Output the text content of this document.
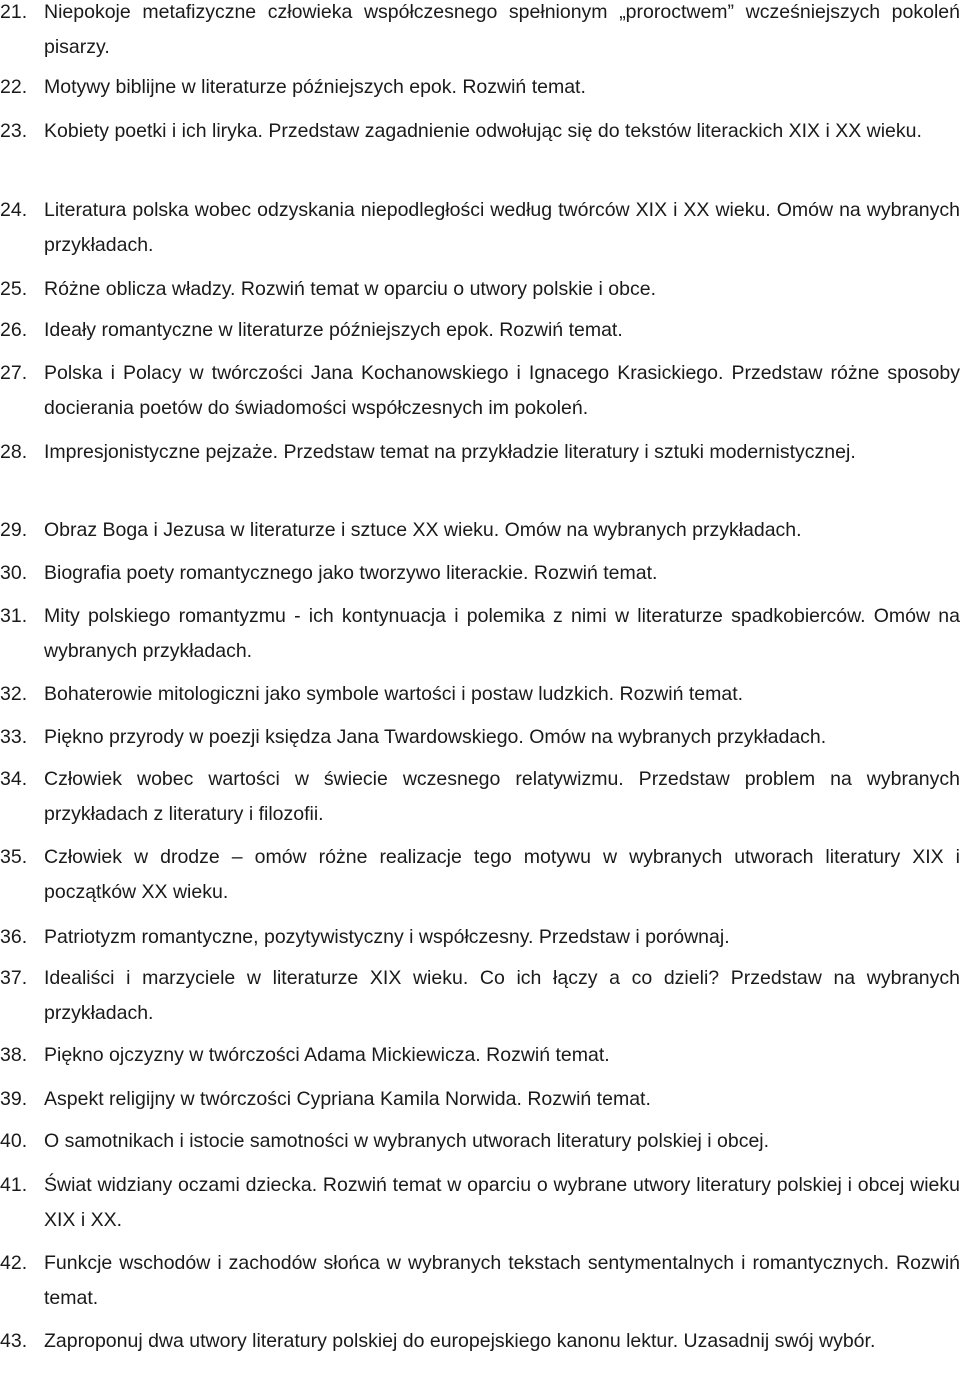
21. Niepokoje metafizyczne człowieka współczesnego spełnionym „proroctwem” wcześniejszych pokoleń pisarzy.
22. Motywy biblijne w literaturze późniejszych epok. Rozwiń temat.
23. Kobiety poetki i ich liryka. Przedstaw zagadnienie odwołując się do tekstów literackich XIX i XX wieku.
24. Literatura polska wobec odzyskania niepodległości według twórców XIX i XX wieku. Omów na wybranych przykładach.
25. Różne oblicza władzy. Rozwiń temat w oparciu o utwory polskie i obce.
26. Ideały romantyczne w literaturze późniejszych epok. Rozwiń temat.
27. Polska i Polacy w twórczości Jana Kochanowskiego i Ignacego Krasickiego. Przedstaw różne sposoby docierania poetów do świadomości współczesnych im pokoleń.
28. Impresjonistyczne pejzaże. Przedstaw temat na przykładzie literatury i sztuki modernistycznej.
29. Obraz Boga i Jezusa w literaturze i sztuce XX wieku. Omów na wybranych przykładach.
30. Biografia poety romantycznego jako tworzywo literackie. Rozwiń temat.
31. Mity polskiego romantyzmu - ich kontynuacja i polemika z nimi w literaturze spadkobierców. Omów na wybranych przykładach.
32. Bohaterowie mitologiczni jako symbole wartości i postaw ludzkich. Rozwiń temat.
33. Piękno przyrody w poezji księdza Jana Twardowskiego. Omów na wybranych przykładach.
34. Człowiek wobec wartości w świecie wczesnego relatywizmu. Przedstaw problem na wybranych przykładach z literatury i filozofii.
35. Człowiek w drodze – omów różne realizacje tego motywu w wybranych utworach literatury XIX i początków XX wieku.
36. Patriotyzm romantyczne, pozytywistyczny i współczesny. Przedstaw i porównaj.
37. Idealiści i marzyciele w literaturze XIX wieku. Co ich łączy a co dzieli? Przedstaw na wybranych przykładach.
38. Piękno ojczyzny w twórczości Adama Mickiewicza. Rozwiń temat.
39. Aspekt religijny w twórczości Cypriana Kamila Norwida. Rozwiń temat.
40. O samotnikach i istocie samotności w wybranych utworach literatury polskiej i obcej.
41. Świat widziany oczami dziecka. Rozwiń temat w oparciu o wybrane utwory literatury polskiej i obcej wieku XIX i XX.
42. Funkcje wschodów i zachodów słońca w wybranych tekstach sentymentalnych i romantycznych. Rozwiń temat.
43. Zaproponuj dwa utwory literatury polskiej do europejskiego kanonu lektur. Uzasadnij swój wybór.
